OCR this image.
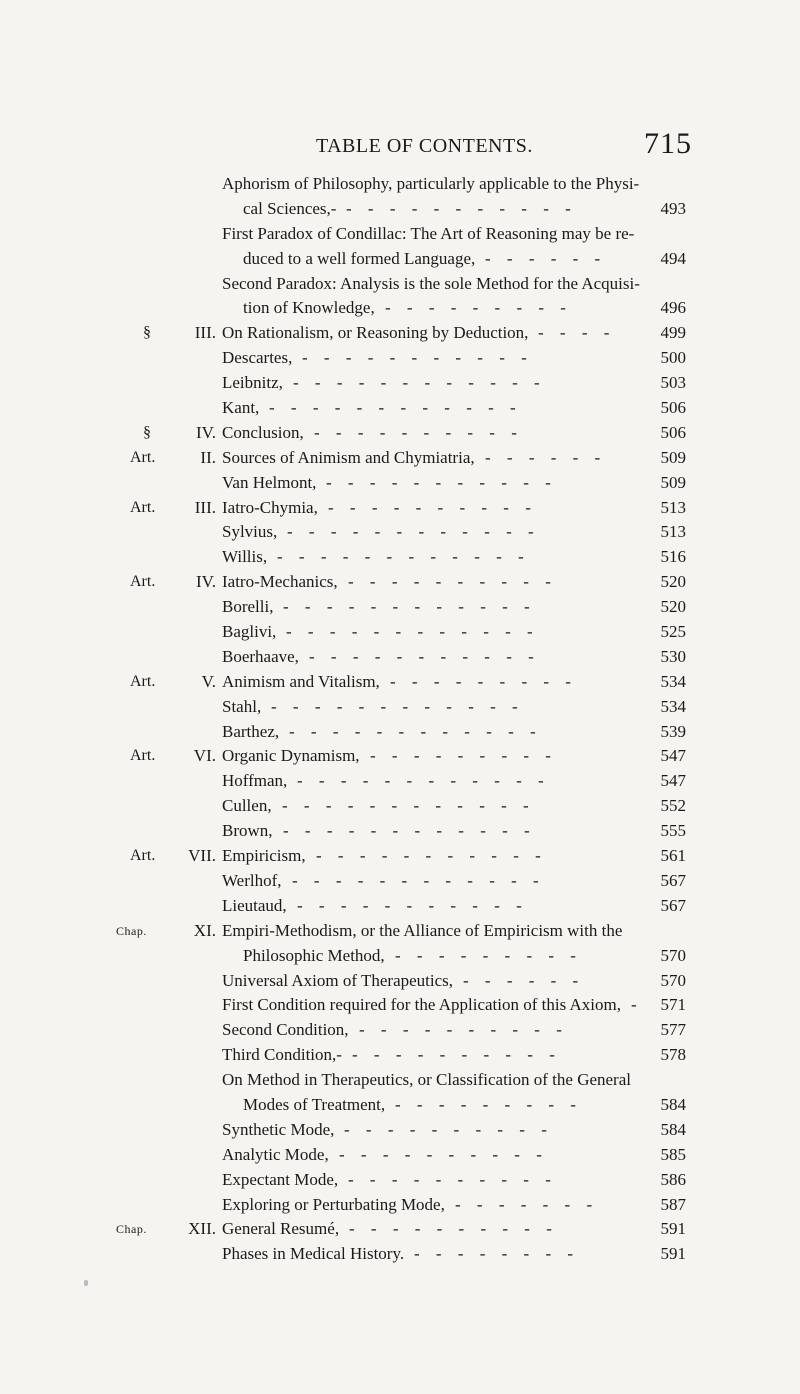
TABLE OF CONTENTS.	715
Aphorism of Philosophy, particularly applicable to the Physi-
cal Sciences,- - - - - - - - - - - -	493
First Paradox of Condillac: The Art of Reasoning may be re-
duced to a well formed Language, - - - - - -	494
Second Paradox: Analysis is the sole Method for the Acquisi-
tion of Knowledge, - - - - - - - - -	496
§	III. On Rationalism, or Reasoning by Deduction, - - - -	499
Descartes, - - - - - - - - - - -	500
Leibnitz, - - - - - - - - - - - -	503
Kant, - - - - - - - - - - - -	506
§	IV. Conclusion, - - - - - - - - - -	506
Art.	II. Sources of Animism and Chymiatria, - - - - - -	509
Van Helmont, - - - - - - - - - - -	509
Art.	III. Iatro-Chymia, - - - - - - - - - -	513
Sylvius, - - - - - - - - - - - -	513
Willis, - - - - - - - - - - - -	516
Art.	IV. Iatro-Mechanics, - - - - - - - - - -	520
Borelli, - - - - - - - - - - - -	520
Baglivi, - - - - - - - - - - - -	525
Boerhaave, - - - - - - - - - - -	530
Art.	V. Animism and Vitalism, - - - - - - - - -	534
Stahl, - - - - - - - - - - - -	534
Barthez, - - - - - - - - - - - -	539
Art.	VI. Organic Dynamism, - - - - - - - - -	547
Hoffman, - - - - - - - - - - - -	547
Cullen, - - - - - - - - - - - -	552
Brown, - - - - - - - - - - - -	555
Art.	VII. Empiricism, - - - - - - - - - - -	561
Werlhof, - - - - - - - - - - - -	567
Lieutaud, - - - - - - - - - - -	567
Chap.	XI. Empiri-Methodism, or the Alliance of Empiricism with the
Philosophic Method, - - - - - - - - -	570
Universal Axiom of Therapeutics, - - - - - -	570
First Condition required for the Application of this Axiom, -	571
Second Condition, - - - - - - - - - -	577
Third Condition,- - - - - - - - - - -	578
On Method in Therapeutics, or Classification of the General
Modes of Treatment, - - - - - - - - -	584
Synthetic Mode, - - - - - - - - - -	584
Analytic Mode, - - - - - - - - - -	585
Expectant Mode, - - - - - - - - - -	586
Exploring or Perturbating Mode, - - - - - - -	587
Chap.	XII. General Resumé, - - - - - - - - - -	591
Phases in Medical History. - - - - - - - -	591
